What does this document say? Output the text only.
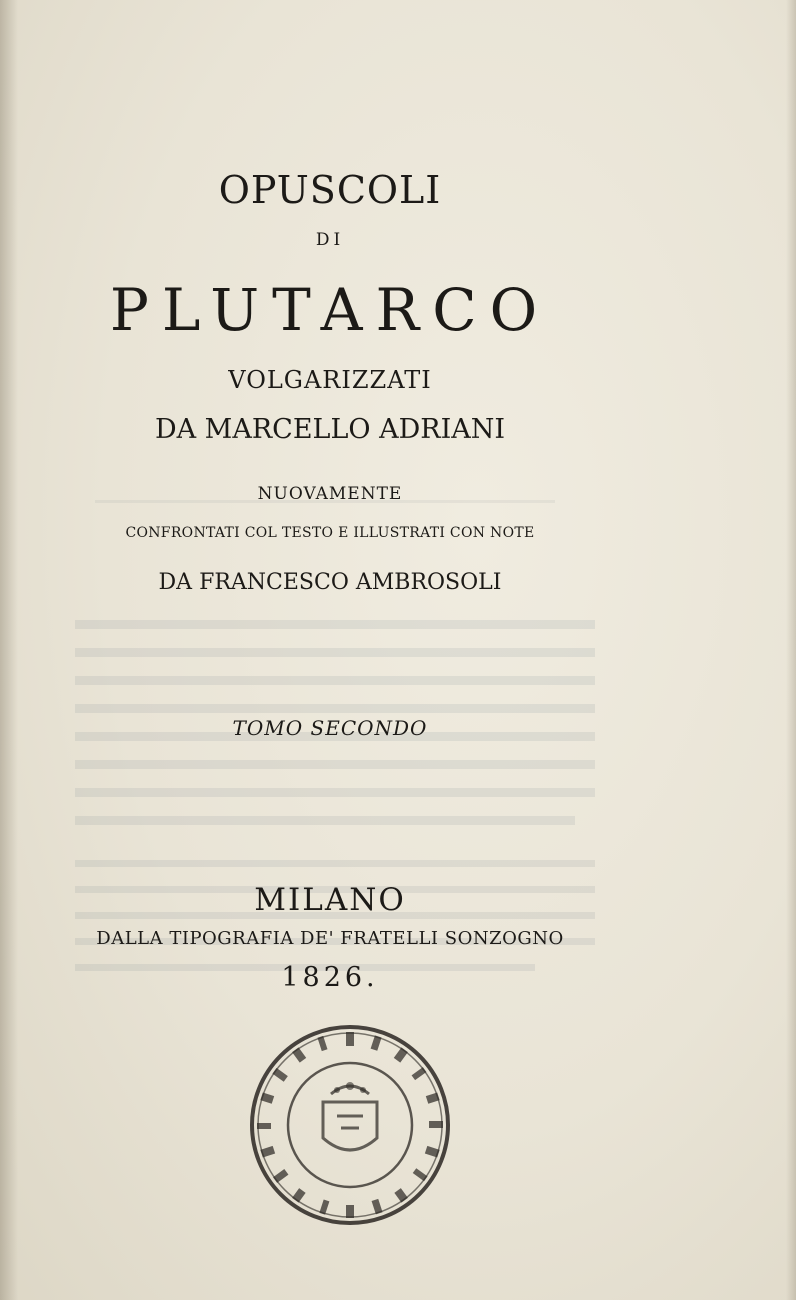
OPUSCOLI
DI
PLUTARCO
VOLGARIZZATI
DA MARCELLO ADRIANI
NUOVAMENTE
CONFRONTATI COL TESTO E ILLUSTRATI CON NOTE
DA FRANCESCO AMBROSOLI
TOMO SECONDO
MILANO
DALLA TIPOGRAFIA DE' FRATELLI SONZOGNO
1826.
